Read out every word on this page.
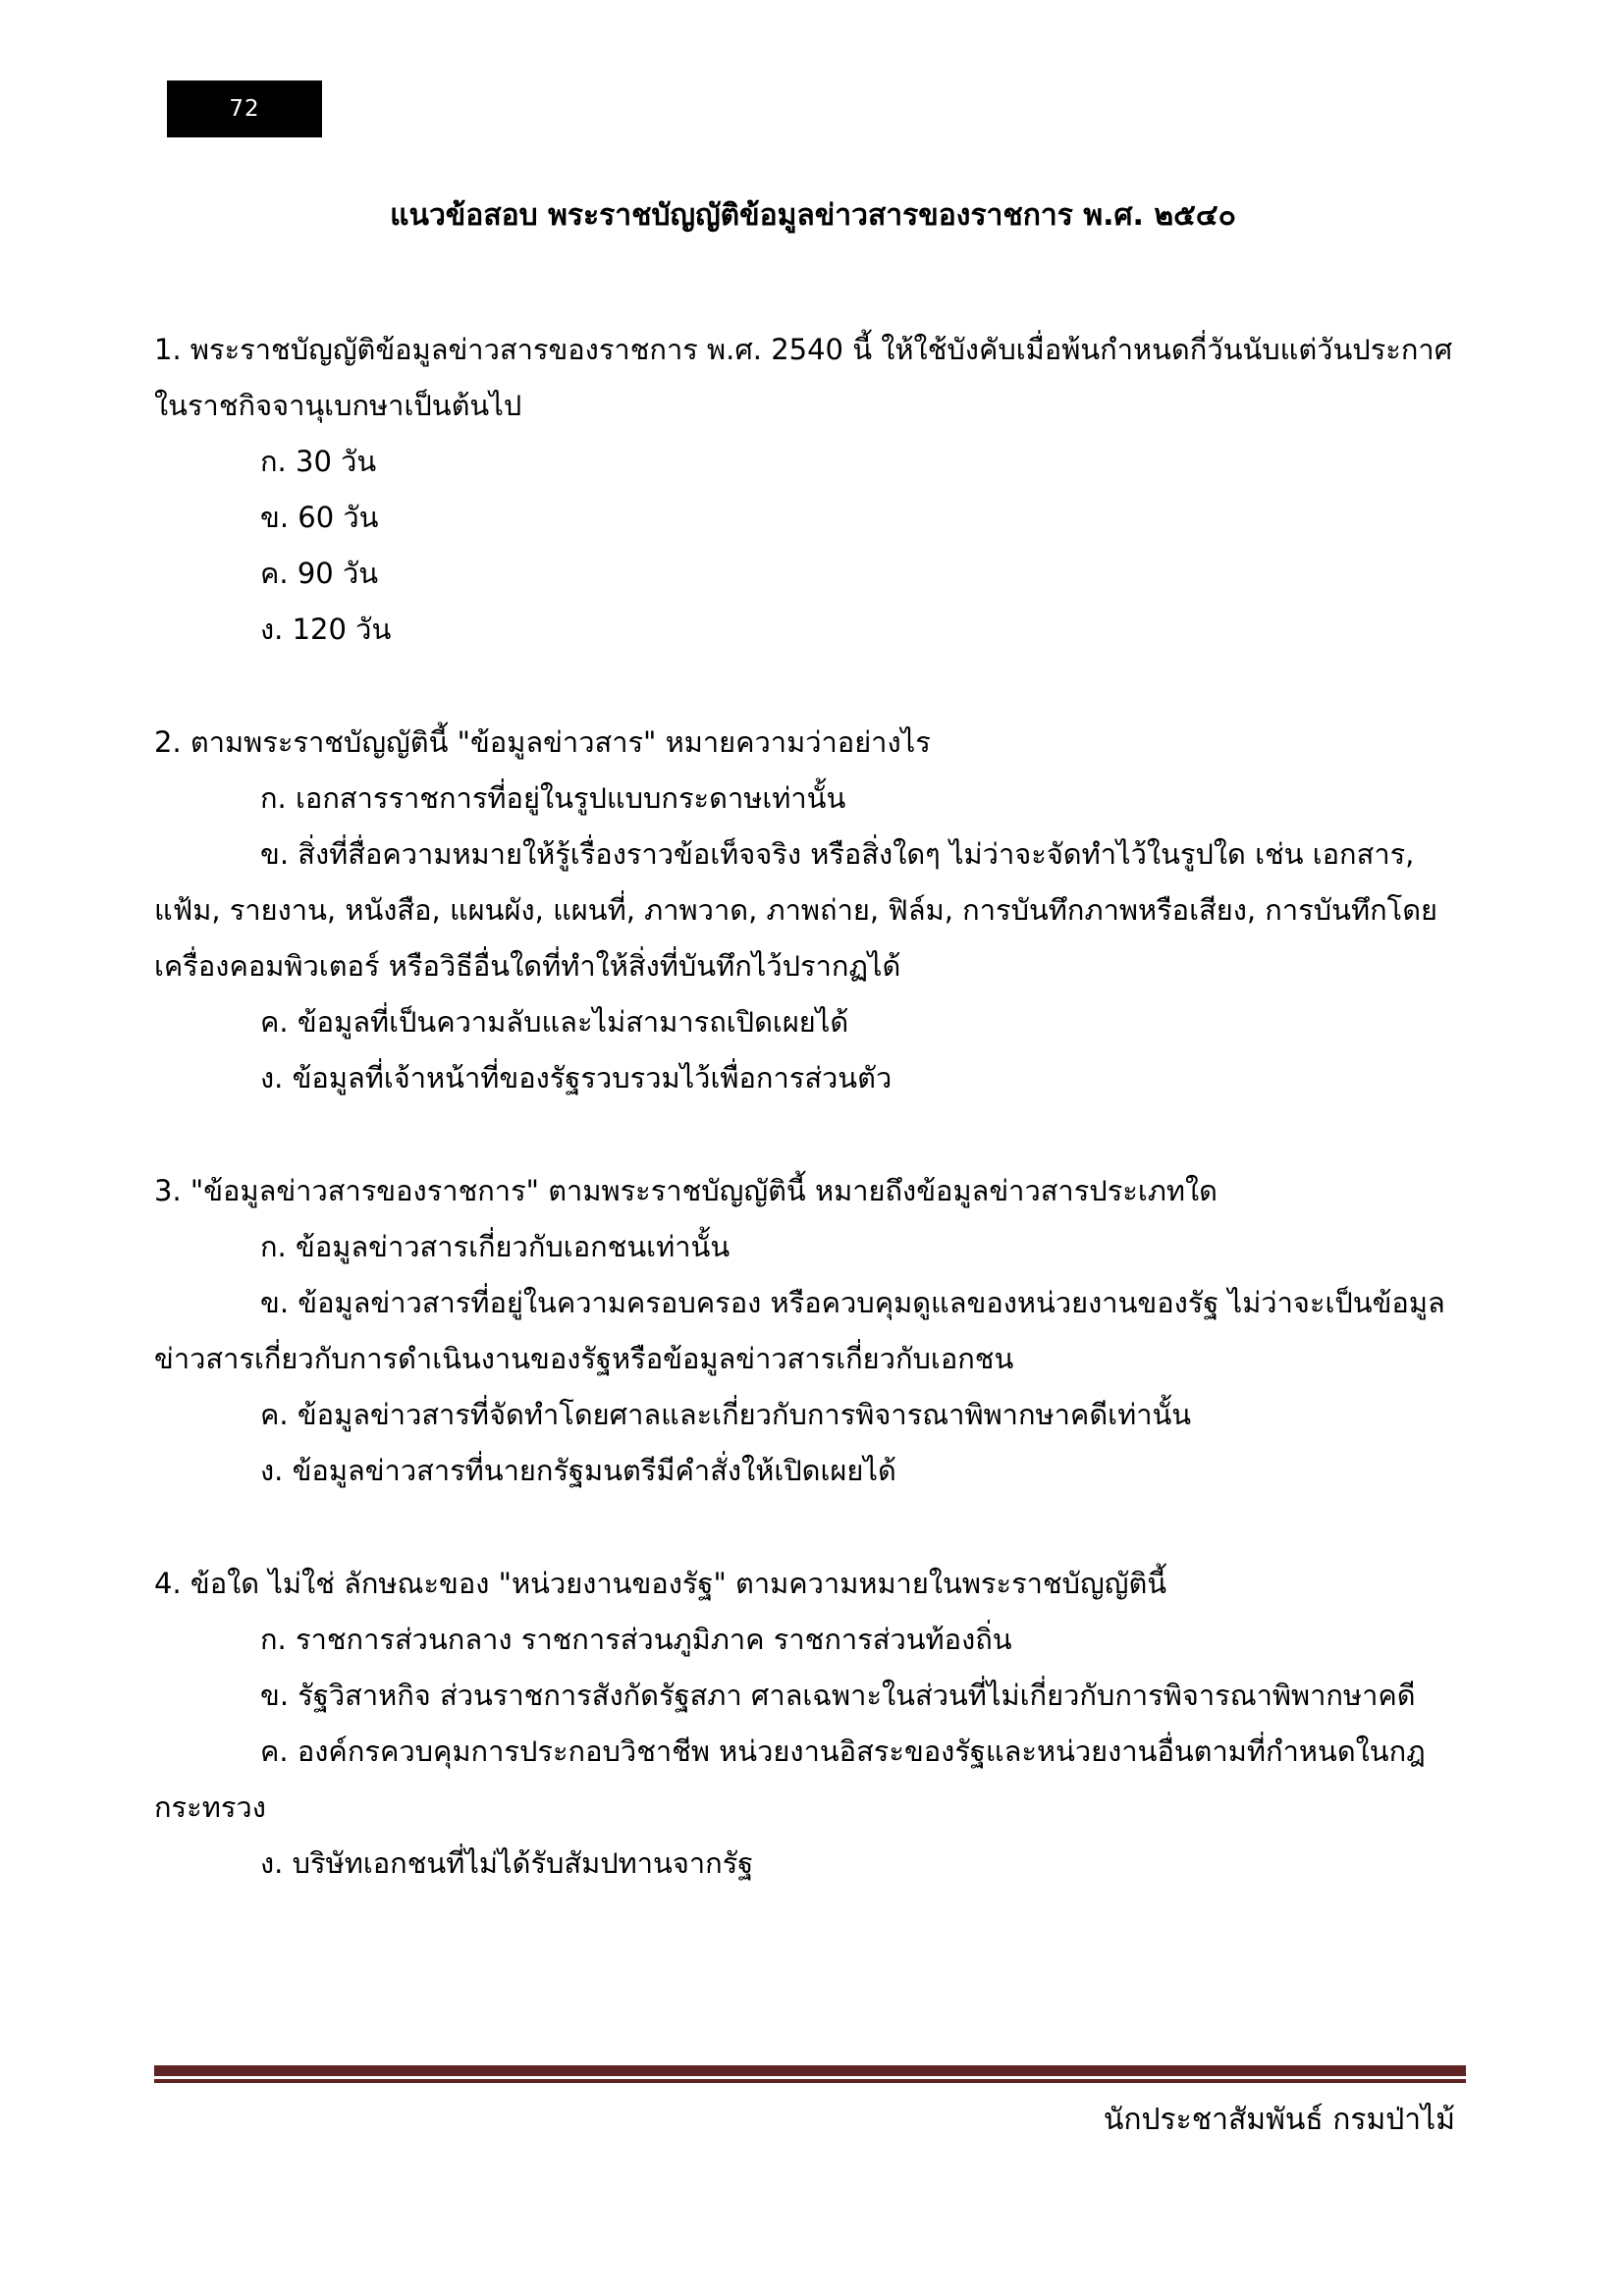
72
แนวข้อสอบ พระราชบัญญัติข้อมูลข่าวสารของราชการ พ.ศ. ๒๕๔๐

1. พระราชบัญญัติข้อมูลข่าวสารของราชการ พ.ศ. 2540 นี้ ให้ใช้บังคับเมื่อพ้นกำหนดกี่วันนับแต่วันประกาศในราชกิจจานุเบกษาเป็นต้นไป

ก. 30 วัน

ข. 60 วัน

ค. 90 วัน

ง. 120 วัน

2. ตามพระราชบัญญัตินี้ "ข้อมูลข่าวสาร" หมายความว่าอย่างไร

ก. เอกสารราชการที่อยู่ในรูปแบบกระดาษเท่านั้น

ข. สิ่งที่สื่อความหมายให้รู้เรื่องราวข้อเท็จจริง หรือสิ่งใดๆ ไม่ว่าจะจัดทำไว้ในรูปใด เช่น เอกสาร, แฟ้ม, รายงาน, หนังสือ, แผนผัง, แผนที่, ภาพวาด, ภาพถ่าย, ฟิล์ม, การบันทึกภาพหรือเสียง, การบันทึกโดยเครื่องคอมพิวเตอร์ หรือวิธีอื่นใดที่ทำให้สิ่งที่บันทึกไว้ปรากฏได้

ค. ข้อมูลที่เป็นความลับและไม่สามารถเปิดเผยได้

ง. ข้อมูลที่เจ้าหน้าที่ของรัฐรวบรวมไว้เพื่อการส่วนตัว

3. "ข้อมูลข่าวสารของราชการ" ตามพระราชบัญญัตินี้ หมายถึงข้อมูลข่าวสารประเภทใด

ก. ข้อมูลข่าวสารเกี่ยวกับเอกชนเท่านั้น

ข. ข้อมูลข่าวสารที่อยู่ในความครอบครอง หรือควบคุมดูแลของหน่วยงานของรัฐ ไม่ว่าจะเป็นข้อมูลข่าวสารเกี่ยวกับการดำเนินงานของรัฐหรือข้อมูลข่าวสารเกี่ยวกับเอกชน

ค. ข้อมูลข่าวสารที่จัดทำโดยศาลและเกี่ยวกับการพิจารณาพิพากษาคดีเท่านั้น

ง. ข้อมูลข่าวสารที่นายกรัฐมนตรีมีคำสั่งให้เปิดเผยได้

4. ข้อใด ไม่ใช่ ลักษณะของ "หน่วยงานของรัฐ" ตามความหมายในพระราชบัญญัตินี้

ก. ราชการส่วนกลาง ราชการส่วนภูมิภาค ราชการส่วนท้องถิ่น

ข. รัฐวิสาหกิจ ส่วนราชการสังกัดรัฐสภา ศาลเฉพาะในส่วนที่ไม่เกี่ยวกับการพิจารณาพิพากษาคดี

ค. องค์กรควบคุมการประกอบวิชาชีพ หน่วยงานอิสระของรัฐและหน่วยงานอื่นตามที่กำหนดในกฎกระทรวง

ง. บริษัทเอกชนที่ไม่ได้รับสัมปทานจากรัฐ

นักประชาสัมพันธ์ กรมป่าไม้
